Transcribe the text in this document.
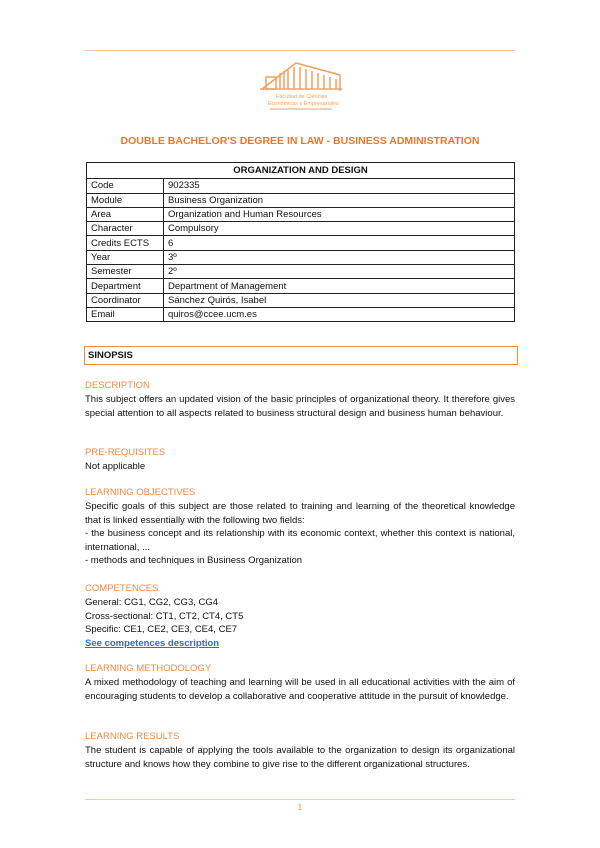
Facultad de Ciencias
Económicas y Empresariales
DOUBLE BACHELOR'S DEGREE IN LAW - BUSINESS ADMINISTRATION
ORGANIZATION AND DESIGN	
Code	902335
Module	Business Organization
Area	Organization and Human Resources
Character	Compulsory
Credits ECTS	6
Year	3º
Semester	2º
Department	Department of Management
Coordinator	Sánchez Quirós, Isabel
Email	quiros@ccee.ucm.es
SINOPSIS
DESCRIPTION

This subject offers an updated vision of the basic principles of organizational theory. It therefore gives special attention to all aspects related to business structural design and business human behaviour.

PRE-REQUISITES

Not applicable

LEARNING OBJECTIVES

Specific goals of this subject are those related to training and learning of the theoretical knowledge that is linked essentially with the following two fields:

- the business concept and its relationship with its economic context, whether this context is national, international, ...

- methods and techniques in Business Organization

COMPETENCES

General: CG1, CG2, CG3, CG4

Cross-sectional: CT1, CT2, CT4, CT5

Specific: CE1, CE2, CE3, CE4, CE7

See competences description

LEARNING METHODOLOGY

A mixed methodology of teaching and learning will be used in all educational activities with the aim of encouraging students to develop a collaborative and cooperative attitude in the pursuit of knowledge.

LEARNING RESULTS

The student is capable of applying the tools available to the organization to design its organizational structure and knows how they combine to give rise to the different organizational structures.

1
